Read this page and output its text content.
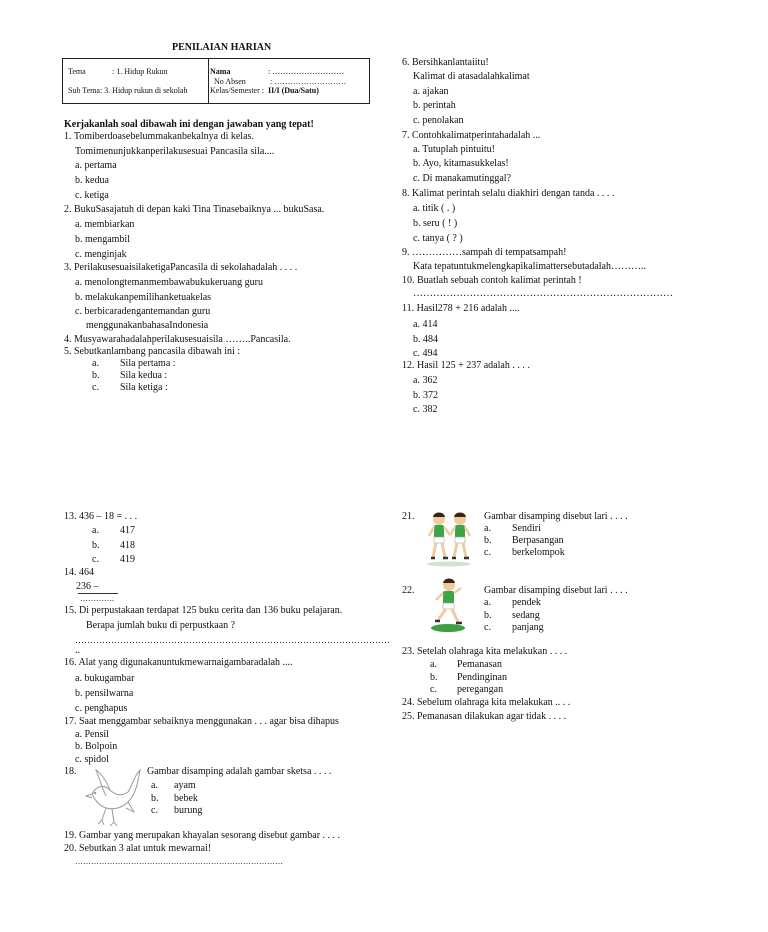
PENILAIAN HARIAN
Tema	: 1. Hidup Rukun
Sub Tema: 3. Hidup rukun di sekolah
Nama	: ………………………
No Absen	: ………………………
Kelas/Semester : II/I (Dua/Satu)
Kerjakanlah soal dibawah ini dengan jawaban yang tepat!
1. Tomiberdoasebelummakanbekalnya di kelas.
Tomimenunjukkanperilakusesuai Pancasila sila....
a. pertama
b. kedua
c. ketiga
2. BukuSasajatuh di depan kaki Tina Tinasebaiknya ... bukuSasa.
a. membiarkan
b. mengambil
c. menginjak
3. PerilakusesuaisilaketigaPancasila di sekolahadalah . . . .
a. menolongtemanmembawabukukeruang guru
b. melakukanpemilihanketuakelas
c. berbicaradengantemandan guru
menggunakanbahasaIndonesia
4. Musyawarahadalahperilakusesuaisila ……..Pancasila.
5. Sebutkanlambang pancasila dibawah ini :
a. Sila pertama :
b. Sila kedua :
c. Sila ketiga :
6. Bersihkanlantaiitu!
Kalimat di atasadalahkalimat
a. ajakan
b. perintah
c. penolakan
7. Contohkalimatperintahadalah ...
a. Tutuplah pintuitu!
b. Ayo, kitamasukkelas!
c. Di manakamutinggal?
8. Kalimat perintah selalu diakhiri dengan tanda . . . .
a. titik ( . )
b. seru ( ! )
c. tanya ( ? )
9. ……………sampah di tempatsampah!
Kata tepatuntukmelengkapikalimattersebutadalah………..
10. Buatlah sebuah contoh kalimat perintah !
……………………………………………………………………
11. Hasil278 + 216 adalah ....
a. 414
b. 484
c. 494
12. Hasil 125 + 237 adalah . . . .
a. 362
b. 372
c. 382
13. 436 – 18 = . . .
a. 417
b. 418
c. 419
14. 464
236 –
………….
15. Di perpustakaan terdapat 125 buku cerita dan 136 buku pelajaran.
Berapa jumlah buku di perpustkaan ?
……………………………………………………………………………………………
..
16. Alat yang digunakanuntukmewarnaigambaradalah ....
a. bukugambar
b. pensilwarna
c. penghapus
17. Saat menggambar sebaiknya menggunakan . . . agar bisa dihapus
a. Pensil
b. Bolpoin
c. spidol
18.	Gambar disamping adalah gambar sketsa . . . .
a. ayam
b. bebek
c. burung
19. Gambar yang merupakan khayalan sesorang disebut gambar . . . .
20. Sebutkan 3 alat untuk mewarnai!
……………………………………………………………………
21.	Gambar disamping disebut lari . . . .
a. Sendiri
b. Berpasangan
c. berkelompok
22.	Gambar disamping disebut lari . . . .
a. pendek
b. sedang
c. panjang
23. Setelah olahraga kita melakukan . . . .
a. Pemanasan
b. Pendinginan
c. peregangan
24. Sebelum olahraga kita melakukan .. . .
25. Pemanasan dilakukan agar tidak . . . .
